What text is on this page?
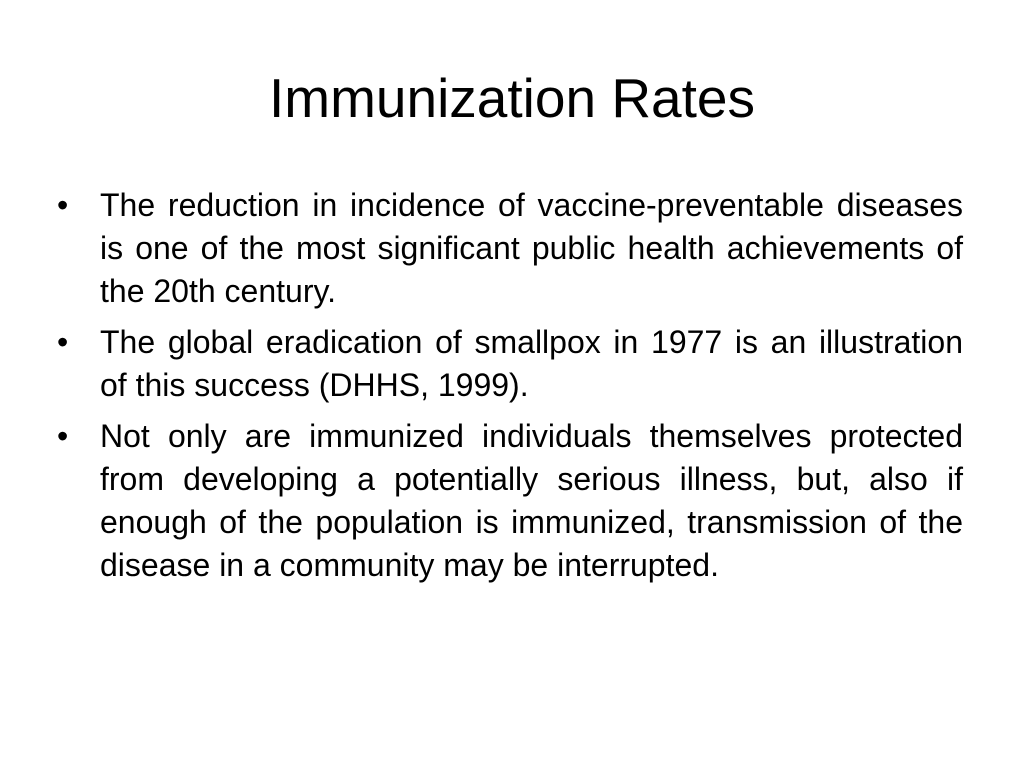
Immunization Rates
• The reduction in incidence of vaccine-preventable diseases is one of the most significant public health achievements of the 20th century.
• The global eradication of smallpox in 1977 is an illustration of this success (DHHS, 1999).
• Not only are immunized individuals themselves protected from developing a potentially serious illness, but, also if enough of the population is immunized, transmission of the disease in a community may be interrupted.
